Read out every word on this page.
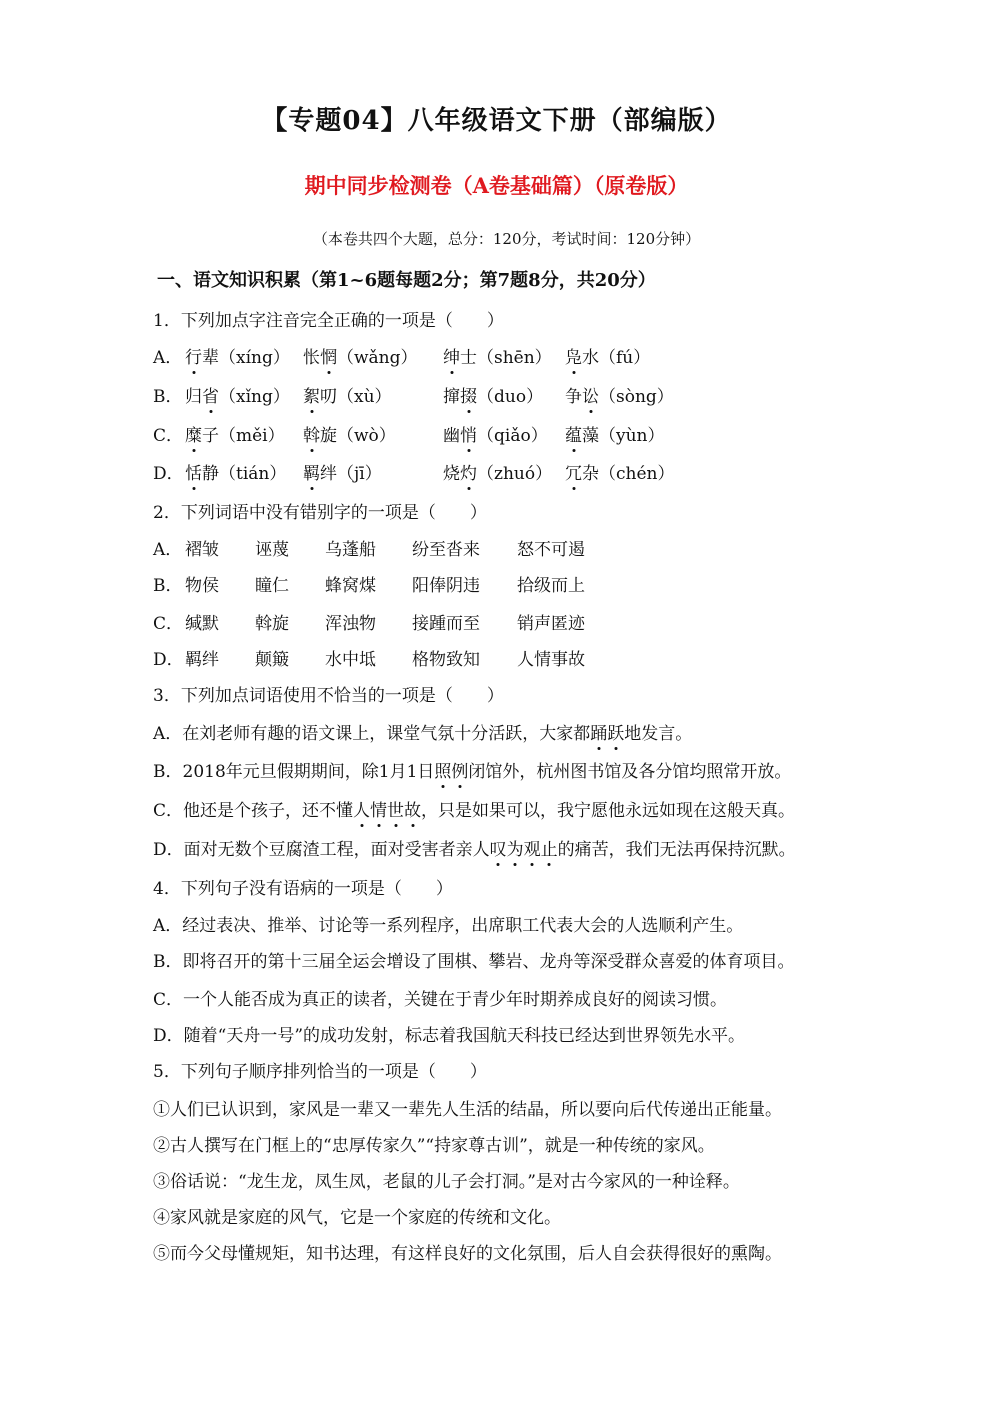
【专题04】八年级语文下册（部编版）
期中同步检测卷（A卷基础篇）（原卷版）
（本卷共四个大题，总分：120分，考试时间：120分钟）
一、语文知识积累（第1~6题每题2分；第7题8分，共20分）
1．下列加点字注音完全正确的一项是（　　）
A． 行辈（xíng） 怅惘（wǎng） 绅士（shēn） 凫水（fú）
B． 归省（xǐng） 絮叨（xù）	撺掇（duo） 争讼（sòng）
C． 糜子（měi） 斡旋（wò）	幽悄（qiǎo） 蕴藻（yùn）
D． 恬静（tián） 羁绊（jī）	烧灼（zhuó） 冗杂（chén）
2．下列词语中没有错别字的一项是（　　）
A． 褶皱 诬蔑 乌蓬船 纷至沓来 怒不可遏
B． 物侯 瞳仁 蜂窝煤 阳俸阴违 拾级而上
C． 缄默 斡旋 浑浊物 接踵而至 销声匿迹
D． 羁绊 颠簸 水中坻 格物致知 人情事故
3．下列加点词语使用不恰当的一项是（　　）
A．在刘老师有趣的语文课上，课堂气氛十分活跃，大家都踊跃地发言。
B．2018年元旦假期期间，除1月1日照例闭馆外，杭州图书馆及各分馆均照常开放。
C．他还是个孩子，还不懂人情世故，只是如果可以，我宁愿他永远如现在这般天真。
D．面对无数个豆腐渣工程，面对受害者亲人叹为观止的痛苦，我们无法再保持沉默。
4．下列句子没有语病的一项是（　　）
A．经过表决、推举、讨论等一系列程序，出席职工代表大会的人选顺利产生。
B．即将召开的第十三届全运会增设了围棋、攀岩、龙舟等深受群众喜爱的体育项目。
C．一个人能否成为真正的读者，关键在于青少年时期养成良好的阅读习惯。
D．随着“天舟一号”的成功发射，标志着我国航天科技已经达到世界领先水平。
5．下列句子顺序排列恰当的一项是（　　）
①人们已认识到，家风是一辈又一辈先人生活的结晶，所以要向后代传递出正能量。
②古人撰写在门框上的“忠厚传家久”“持家尊古训”，就是一种传统的家风。
③俗话说：“龙生龙，凤生凤，老鼠的儿子会打洞。”是对古今家风的一种诠释。
④家风就是家庭的风气，它是一个家庭的传统和文化。
⑤而今父母懂规矩，知书达理，有这样良好的文化氛围，后人自会获得很好的熏陶。
